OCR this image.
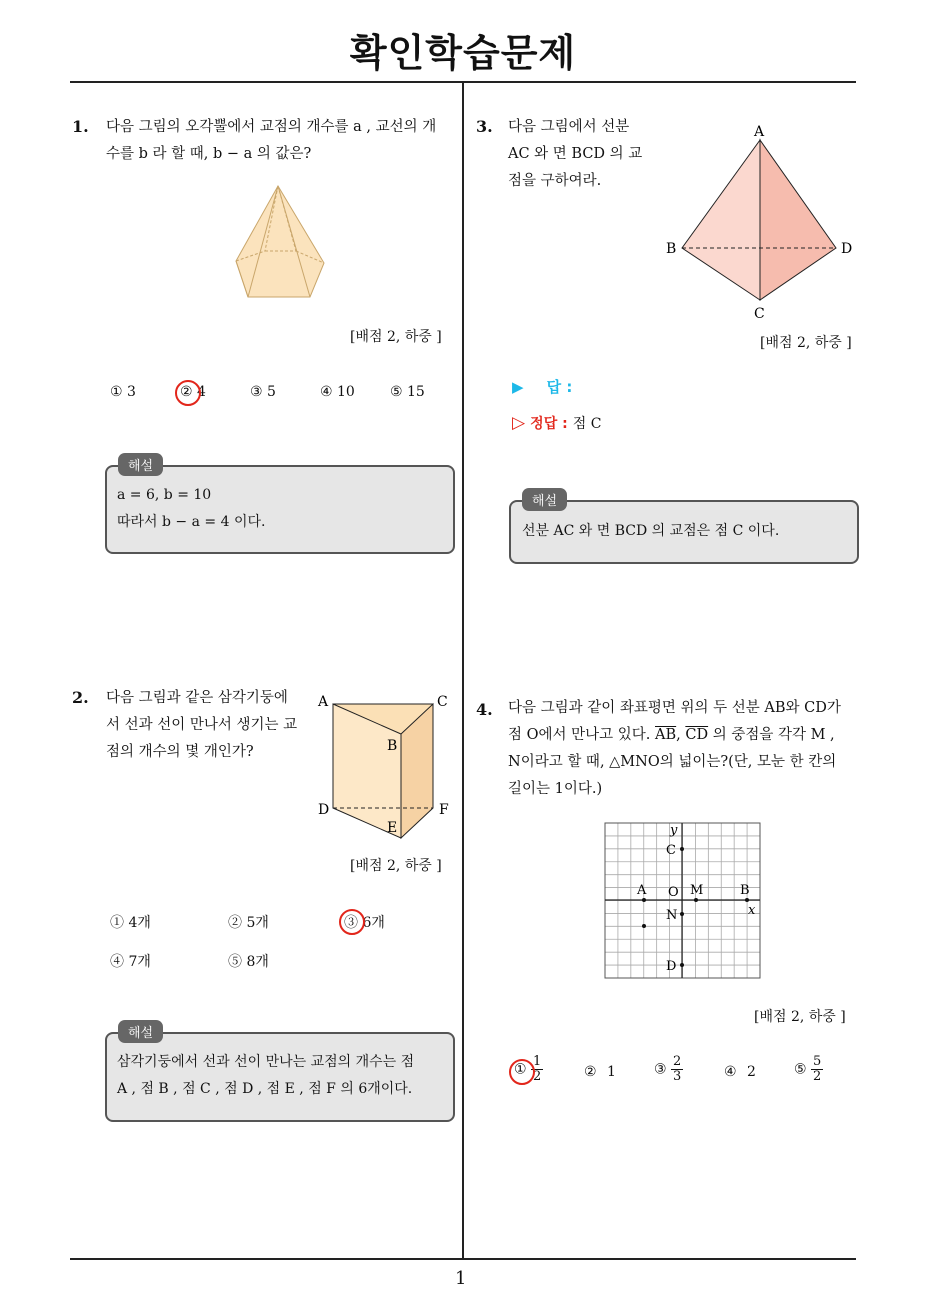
확인학습문제
1
1. 다음 그림의 오각뿔에서 교점의 개수를 a , 교선의 개
수를 b 라 할 때, b − a 의 값은?
[배점 2, 하중 ]
① 3	② 4	③ 5	④ 10	⑤ 15
해설
a = 6, b = 10
따라서 b − a = 4 이다.
2. 다음 그림과 같은 삼각기둥에
서 선과 선이 만나서 생기는 교
점의 개수의 몇 개인가?
A	C
B
D	F
E
[배점 2, 하중 ]
① 4개	② 5개	③ 6개
④ 7개	⑤ 8개
해설
삼각기둥에서 선과 선이 만나는 교점의 개수는 점
A , 점 B , 점 C , 점 D , 점 E , 점 F 의 6개이다.
3. 다음 그림에서 선분
AC 와 면 BCD 의 교
점을 구하여라.
A
B	D
C
[배점 2, 하중 ]
▶ 답 :
▷ 정답 : 점 C
해설
선분 AC 와 면 BCD 의 교점은 점 C 이다.
4. 다음 그림과 같이 좌표평면 위의 두 선분 AB와 CD가
점 O에서 만나고 있다. $\overline{AB}$, $\overline{CD}$ 의 중점을 각각 M ,
N이라고 할 때, △MNO의 넓이는?(단, 모눈 한 칸의
길이는 1이다.)
y
x
C
A O M	B
N
D
[배점 2, 하중 ]
① $\frac{1}{2}$	② 1	③ $\frac{2}{3}$	④ 2	⑤ $\frac{5}{2}$
